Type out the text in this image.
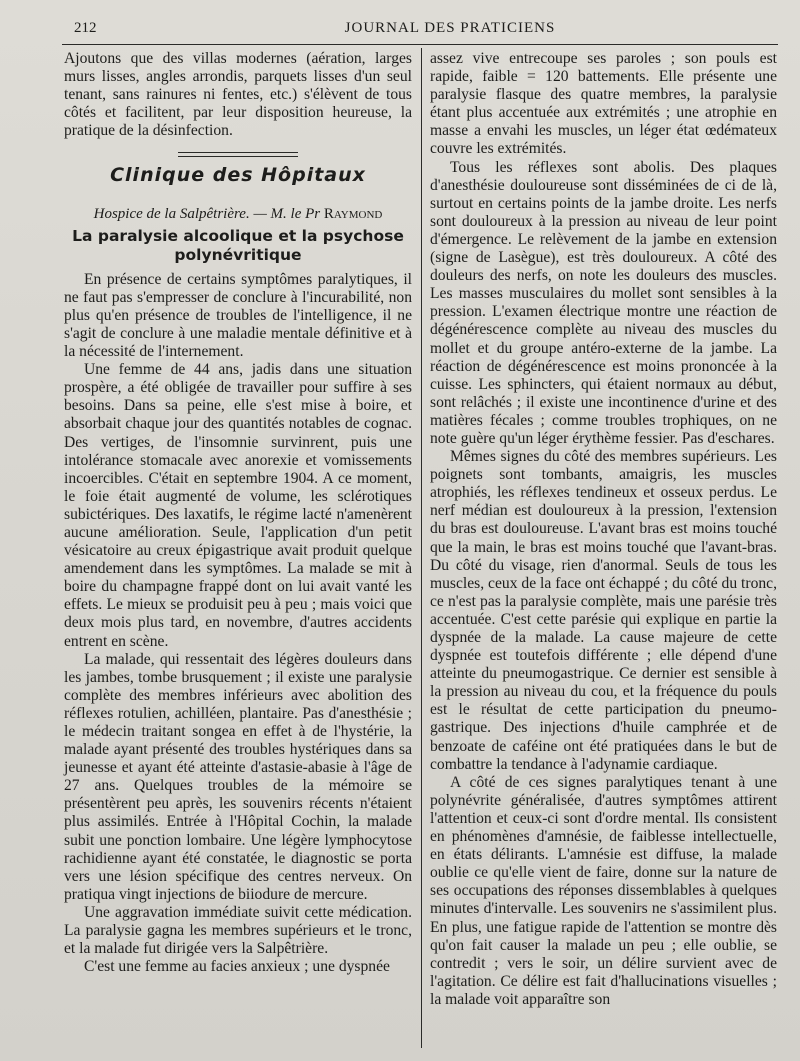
212	JOURNAL DES PRATICIENS

Ajoutons que des villas modernes (aération, larges murs lisses, angles arrondis, parquets lisses d'un seul tenant, sans rainures ni fentes, etc.) s'élèvent de tous côtés et facilitent, par leur disposition heureuse, la pratique de la désinfection.

Clinique des Hôpitaux
Hospice de la Salpêtrière. — M. le Pr Raymond
La paralysie alcoolique et la psychose polynévritique

En présence de certains symptômes paralytiques, il ne faut pas s'empresser de conclure à l'incurabilité, non plus qu'en présence de troubles de l'intelligence, il ne s'agit de conclure à une maladie mentale définitive et à la nécessité de l'internement.

Une femme de 44 ans, jadis dans une situation prospère, a été obligée de travailler pour suffire à ses besoins. Dans sa peine, elle s'est mise à boire, et absorbait chaque jour des quantités notables de cognac. Des vertiges, de l'insomnie survinrent, puis une intolérance stomacale avec anorexie et vomissements incoercibles. C'était en septembre 1904. A ce moment, le foie était augmenté de volume, les sclérotiques subictériques. Des laxatifs, le régime lacté n'amenèrent aucune amélioration. Seule, l'application d'un petit vésicatoire au creux épigastrique avait produit quelque amendement dans les symptômes. La malade se mit à boire du champagne frappé dont on lui avait vanté les effets. Le mieux se produisit peu à peu ; mais voici que deux mois plus tard, en novembre, d'autres accidents entrent en scène.

La malade, qui ressentait des légères douleurs dans les jambes, tombe brusquement ; il existe une paralysie complète des membres inférieurs avec abolition des réflexes rotulien, achilléen, plantaire. Pas d'anesthésie ; le médecin traitant songea en effet à de l'hystérie, la malade ayant présenté des troubles hystériques dans sa jeunesse et ayant été atteinte d'astasie-abasie à l'âge de 27 ans. Quelques troubles de la mémoire se présentèrent peu après, les souvenirs récents n'étaient plus assimilés. Entrée à l'Hôpital Cochin, la malade subit une ponction lombaire. Une légère lymphocytose rachidienne ayant été constatée, le diagnostic se porta vers une lésion spécifique des centres nerveux. On pratiqua vingt injections de biiodure de mercure.

Une aggravation immédiate suivit cette médication. La paralysie gagna les membres supérieurs et le tronc, et la malade fut dirigée vers la Salpêtrière.

C'est une femme au facies anxieux ; une dyspnée

assez vive entrecoupe ses paroles ; son pouls est rapide, faible = 120 battements. Elle présente une paralysie flasque des quatre membres, la paralysie étant plus accentuée aux extrémités ; une atrophie en masse a envahi les muscles, un léger état œdémateux couvre les extrémités.

Tous les réflexes sont abolis. Des plaques d'anesthésie douloureuse sont disséminées de ci de là, surtout en certains points de la jambe droite. Les nerfs sont douloureux à la pression au niveau de leur point d'émergence. Le relèvement de la jambe en extension (signe de Lasègue), est très douloureux. A côté des douleurs des nerfs, on note les douleurs des muscles. Les masses musculaires du mollet sont sensibles à la pression. L'examen électrique montre une réaction de dégénérescence complète au niveau des muscles du mollet et du groupe antéro-externe de la jambe. La réaction de dégénérescence est moins prononcée à la cuisse. Les sphincters, qui étaient normaux au début, sont relâchés ; il existe une incontinence d'urine et des matières fécales ; comme troubles trophiques, on ne note guère qu'un léger érythème fessier. Pas d'eschares.

Mêmes signes du côté des membres supérieurs. Les poignets sont tombants, amaigris, les muscles atrophiés, les réflexes tendineux et osseux perdus. Le nerf médian est douloureux à la pression, l'extension du bras est douloureuse. L'avant bras est moins touché que la main, le bras est moins touché que l'avant-bras. Du côté du visage, rien d'anormal. Seuls de tous les muscles, ceux de la face ont échappé ; du côté du tronc, ce n'est pas la paralysie complète, mais une parésie très accentuée. C'est cette parésie qui explique en partie la dyspnée de la malade. La cause majeure de cette dyspnée est toutefois différente ; elle dépend d'une atteinte du pneumogastrique. Ce dernier est sensible à la pression au niveau du cou, et la fréquence du pouls est le résultat de cette participation du pneumo-gastrique. Des injections d'huile camphrée et de benzoate de caféine ont été pratiquées dans le but de combattre la tendance à l'adynamie cardiaque.

A côté de ces signes paralytiques tenant à une polynévrite généralisée, d'autres symptômes attirent l'attention et ceux-ci sont d'ordre mental. Ils consistent en phénomènes d'amnésie, de faiblesse intellectuelle, en états délirants. L'amnésie est diffuse, la malade oublie ce qu'elle vient de faire, donne sur la nature de ses occupations des réponses dissemblables à quelques minutes d'intervalle. Les souvenirs ne s'assimilent plus. En plus, une fatigue rapide de l'attention se montre dès qu'on fait causer la malade un peu ; elle oublie, se contredit ; vers le soir, un délire survient avec de l'agitation. Ce délire est fait d'hallucinations visuelles ; la malade voit apparaître son
